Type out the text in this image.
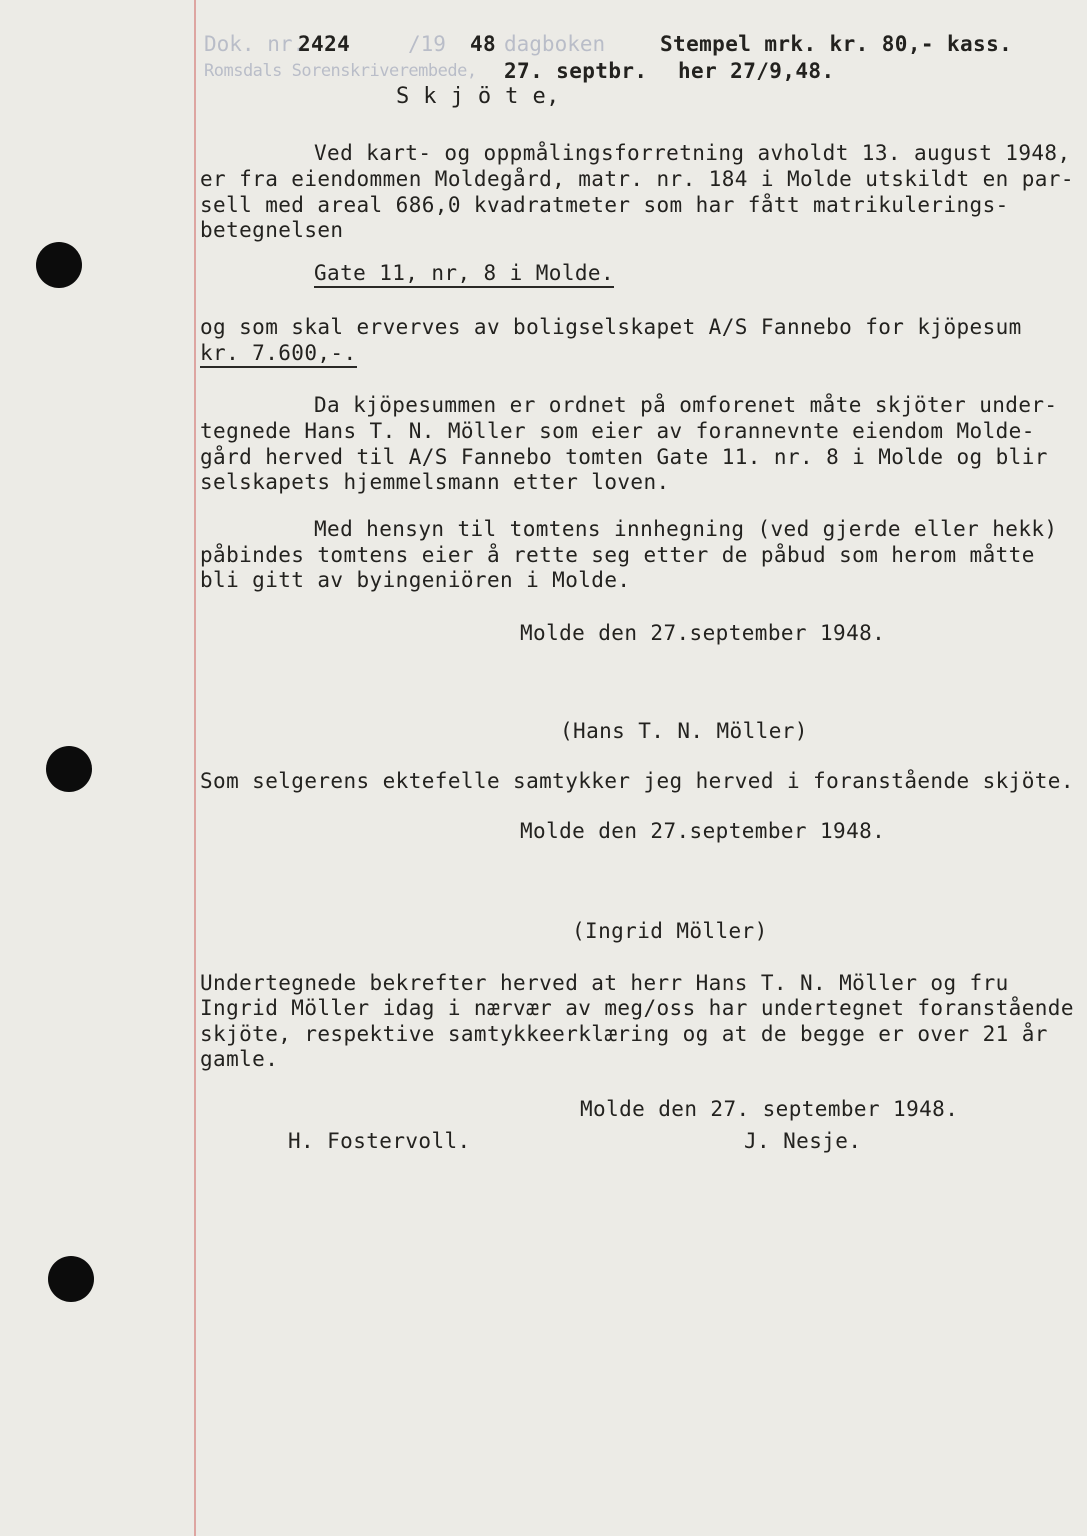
Dok. nr.
2424	/19 48 dagboken	Stempel mrk. kr. 80,- kass.
Romsdals Sorenskriverembede, 27. septbr. her 27/9,48.
S k j ö t e,
Ved kart- og oppmålingsforretning avholdt 13. august 1948,
er fra eiendommen Moldegård, matr. nr. 184 i Molde utskildt en par-
sell med areal 686,0 kvadratmeter som har fått matrikulerings-
betegnelsen
Gate 11, nr, 8 i Molde.
og som skal erverves av boligselskapet A/S Fannebo for kjöpesum
kr. 7.600,-.
Da kjöpesummen er ordnet på omforenet måte skjöter under-
tegnede Hans T. N. Möller som eier av forannevnte eiendom Molde-
gård herved til A/S Fannebo tomten Gate 11. nr. 8 i Molde og blir
selskapets hjemmelsmann etter loven.
Med hensyn til tomtens innhegning (ved gjerde eller hekk)
påbindes tomtens eier å rette seg etter de påbud som herom måtte
bli gitt av byingeniören i Molde.
Molde den 27.september 1948.
(Hans T. N. Möller)
Som selgerens ektefelle samtykker jeg herved i foranstående skjöte.
Molde den 27.september 1948.
(Ingrid Möller)
Undertegnede bekrefter herved at herr Hans T. N. Möller og fru
Ingrid Möller idag i nærvær av meg/oss har undertegnet foranstående
skjöte, respektive samtykkeerklæring og at de begge er over 21 år
gamle.
Molde den 27. september 1948.
H. Fostervoll.	J. Nesje.
